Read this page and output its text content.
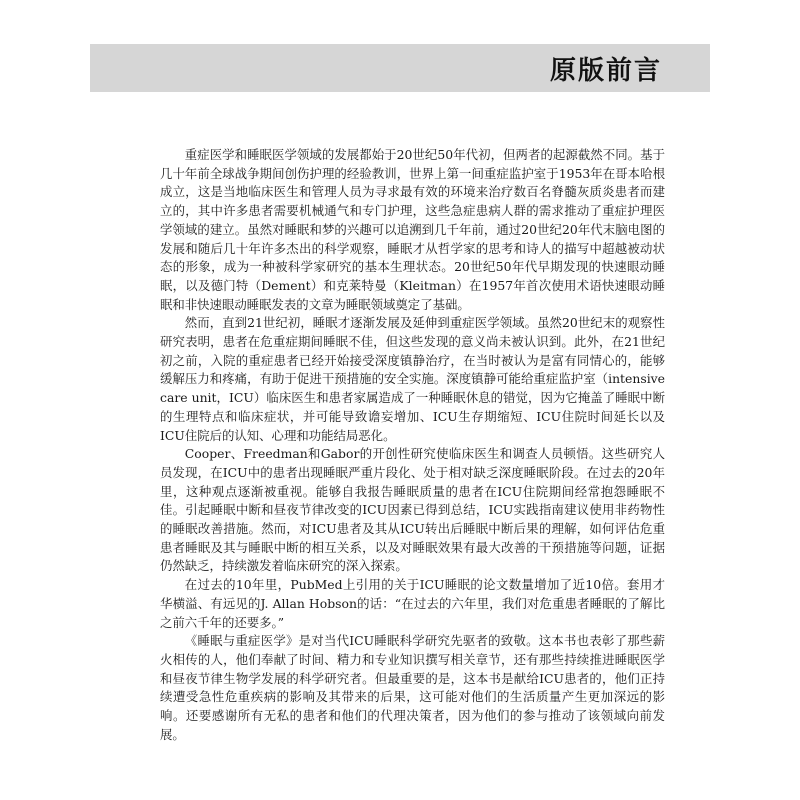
原版前言

重症医学和睡眠医学领域的发展都始于20世纪50年代初，但两者的起源截然不同。基于几十年前全球战争期间创伤护理的经验教训，世界上第一间重症监护室于1953年在哥本哈根成立，这是当地临床医生和管理人员为寻求最有效的环境来治疗数百名脊髓灰质炎患者而建立的，其中许多患者需要机械通气和专门护理，这些急症患病人群的需求推动了重症护理医学领域的建立。虽然对睡眠和梦的兴趣可以追溯到几千年前，通过20世纪20年代末脑电图的发展和随后几十年许多杰出的科学观察，睡眠才从哲学家的思考和诗人的描写中超越被动状态的形象，成为一种被科学家研究的基本生理状态。20世纪50年代早期发现的快速眼动睡眠，以及德门特（Dement）和克莱特曼（Kleitman）在1957年首次使用术语快速眼动睡眠和非快速眼动睡眠发表的文章为睡眠领域奠定了基础。

然而，直到21世纪初，睡眠才逐渐发展及延伸到重症医学领域。虽然20世纪末的观察性研究表明，患者在危重症期间睡眠不佳，但这些发现的意义尚未被认识到。此外，在21世纪初之前，入院的重症患者已经开始接受深度镇静治疗，在当时被认为是富有同情心的，能够缓解压力和疼痛，有助于促进干预措施的安全实施。深度镇静可能给重症监护室（intensive care unit，ICU）临床医生和患者家属造成了一种睡眠休息的错觉，因为它掩盖了睡眠中断的生理特点和临床症状，并可能导致谵妄增加、ICU生存期缩短、ICU住院时间延长以及ICU住院后的认知、心理和功能结局恶化。

Cooper、Freedman和Gabor的开创性研究使临床医生和调查人员顿悟。这些研究人员发现，在ICU中的患者出现睡眠严重片段化、处于相对缺乏深度睡眠阶段。在过去的20年里，这种观点逐渐被重视。能够自我报告睡眠质量的患者在ICU住院期间经常抱怨睡眠不佳。引起睡眠中断和昼夜节律改变的ICU因素已得到总结，ICU实践指南建议使用非药物性的睡眠改善措施。然而，对ICU患者及其从ICU转出后睡眠中断后果的理解，如何评估危重患者睡眠及其与睡眠中断的相互关系，以及对睡眠效果有最大改善的干预措施等问题，证据仍然缺乏，持续激发着临床研究的深入探索。

在过去的10年里，PubMed上引用的关于ICU睡眠的论文数量增加了近10倍。套用才华横溢、有远见的J. Allan Hobson的话：“在过去的六年里，我们对危重患者睡眠的了解比之前六千年的还要多。”

《睡眠与重症医学》是对当代ICU睡眠科学研究先驱者的致敬。这本书也表彰了那些薪火相传的人，他们奉献了时间、精力和专业知识撰写相关章节，还有那些持续推进睡眠医学和昼夜节律生物学发展的科学研究者。但最重要的是，这本书是献给ICU患者的，他们正持续遭受急性危重疾病的影响及其带来的后果，这可能对他们的生活质量产生更加深远的影响。还要感谢所有无私的患者和他们的代理决策者，因为他们的参与推动了该领域向前发展。
